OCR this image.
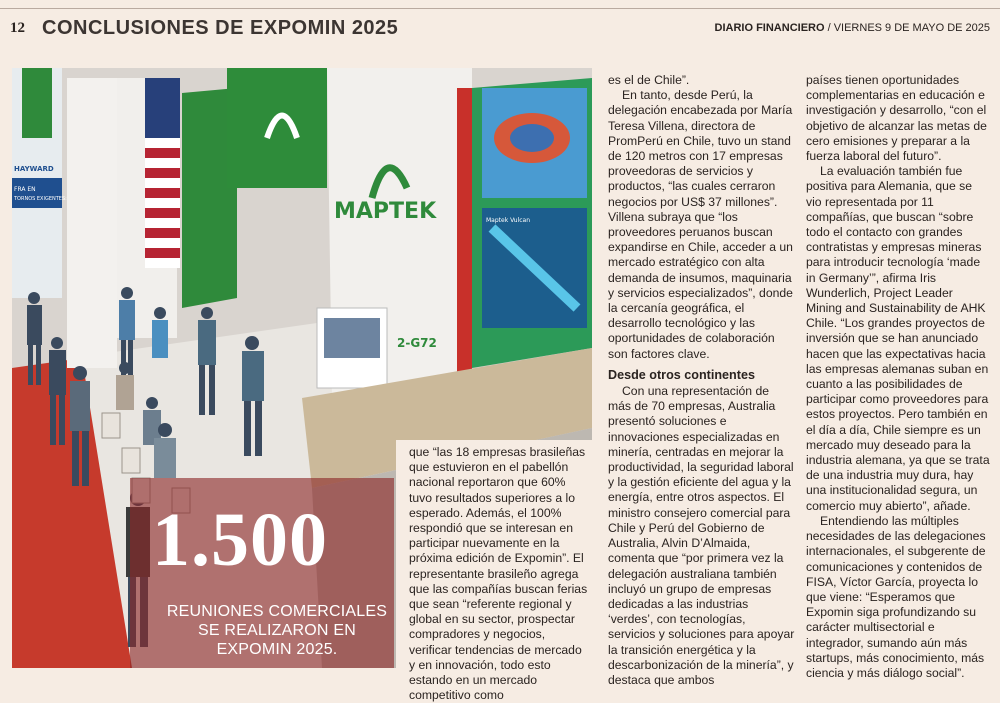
12 CONCLUSIONES DE EXPOMIN 2025	DIARIO FINANCIERO / VIERNES 9 DE MAYO DE 2025
HAYWARD
FRA EN
TORNOS EXIGENTES:	MAPTEK
2-G72
Maptek Vulcan
1.500
REUNIONES COMERCIALES SE REALIZARON EN EXPOMIN 2025.

que “las 18 empresas brasileñas que estuvieron en el pabellón nacional reportaron que 60% tuvo resultados superiores a lo esperado. Además, el 100% respondió que se interesan en participar nuevamente en la próxima edición de Expomin”. El representante brasileño agrega que las compañías buscan ferias que sean “referente regional y global en su sector, prospectar compradores y negocios, verificar tendencias de mercado y en innovación, todo esto estando en un mercado competitivo como

es el de Chile”.

En tanto, desde Perú, la delegación encabezada por María Teresa Villena, directora de PromPerú en Chile, tuvo un stand de 120 metros con 17 empresas proveedoras de servicios y productos, “las cuales cerraron negocios por US$ 37 millones”. Villena subraya que “los proveedores peruanos buscan expandirse en Chile, acceder a un mercado estratégico con alta demanda de insumos, maquinaria y servicios especializados”, donde la cercanía geográfica, el desarrollo tecnológico y las oportunidades de colaboración son factores clave.

Desde otros continentes

Con una representación de más de 70 empresas, Australia presentó soluciones e innovaciones especializadas en minería, centradas en mejorar la productividad, la seguridad laboral y la gestión eficiente del agua y la energía, entre otros aspectos. El ministro consejero comercial para Chile y Perú del Gobierno de Australia, Alvin D’Almaida, comenta que “por primera vez la delegación australiana también incluyó un grupo de empresas dedicadas a las industrias ‘verdes’, con tecnologías, servicios y soluciones para apoyar la transición energética y la descarbonización de la minería”, y destaca que ambos

países tienen oportunidades complementarias en educación e investigación y desarrollo, “con el objetivo de alcanzar las metas de cero emisiones y preparar a la fuerza laboral del futuro”.

La evaluación también fue positiva para Alemania, que se vio representada por 11 compañías, que buscan “sobre todo el contacto con grandes contratistas y empresas mineras para introducir tecnología ‘made in Germany’”, afirma Iris Wunderlich, Project Leader Mining and Sustainability de AHK Chile. “Los grandes proyectos de inversión que se han anunciado hacen que las expectativas hacia las empresas alemanas suban en cuanto a las posibilidades de participar como proveedores para estos proyectos. Pero también en el día a día, Chile siempre es un mercado muy deseado para la industria alemana, ya que se trata de una industria muy dura, hay una institucionalidad segura, un comercio muy abierto”, añade.

Entendiendo las múltiples necesidades de las delegaciones internacionales, el subgerente de comunicaciones y contenidos de FISA, Víctor García, proyecta lo que viene: “Esperamos que Expomin siga profundizando su carácter multisectorial e integrador, sumando aún más startups, más conocimiento, más ciencia y más diálogo social”.
